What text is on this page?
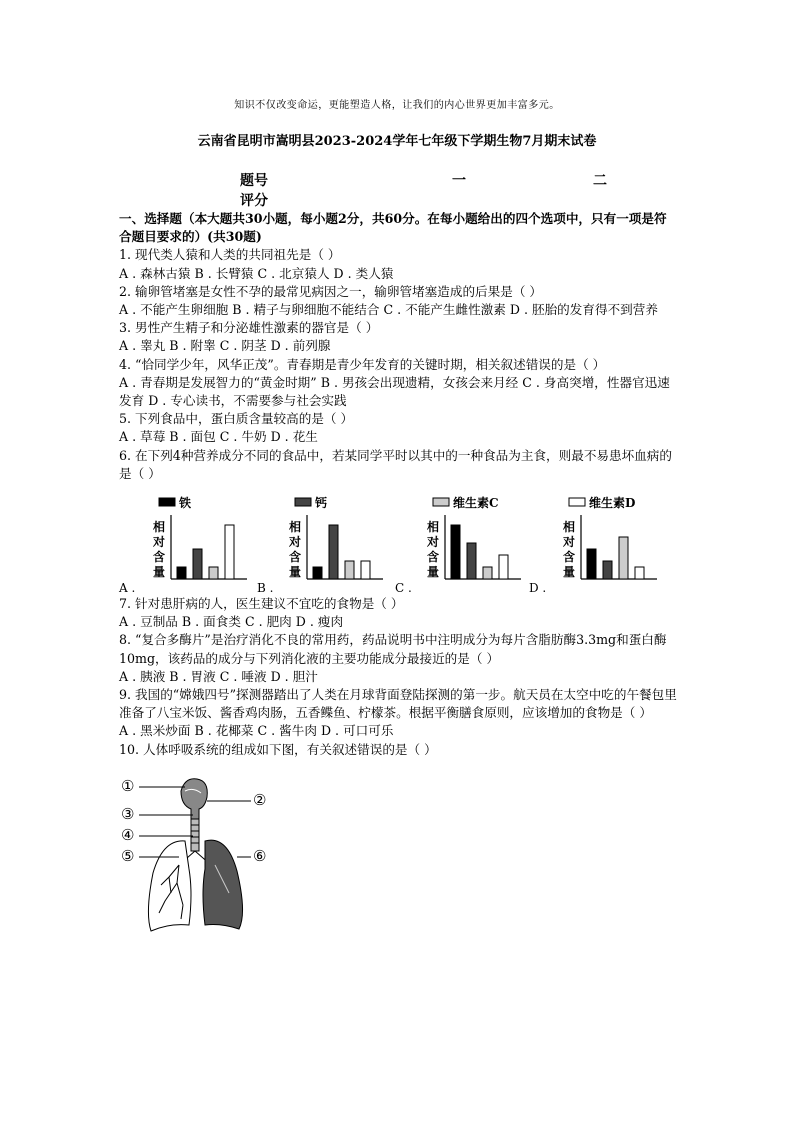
知识不仅改变命运，更能塑造人格，让我们的内心世界更加丰富多元。
云南省昆明市嵩明县2023-2024学年七年级下学期生物7月期末试卷
题号	一	二
评分

一、选择题（本大题共30小题，每小题2分，共60分。在每小题给出的四个选项中，只有一项是符合题目要求的）(共30题)

1. 现代类人猿和人类的共同祖先是（ ）

A . 森林古猿 B . 长臂猿 C . 北京猿人 D . 类人猿

2. 输卵管堵塞是女性不孕的最常见病因之一，输卵管堵塞造成的后果是（ ）

A . 不能产生卵细胞 B . 精子与卵细胞不能结合 C . 不能产生雌性激素 D . 胚胎的发育得不到营养

3. 男性产生精子和分泌雄性激素的器官是（ ）

A . 睾丸 B . 附睾 C . 阴茎 D . 前列腺

4. “恰同学少年，风华正茂”。青春期是青少年发育的关键时期，相关叙述错误的是（ ）

A . 青春期是发展智力的“黄金时期” B . 男孩会出现遗精，女孩会来月经 C . 身高突增，性器官迅速发育 D . 专心读书，不需要参与社会实践

5. 下列食品中，蛋白质含量较高的是（ ）

A . 草莓 B . 面包 C . 牛奶 D . 花生

6. 在下列4种营养成分不同的食品中，若某同学平时以其中的一种食品为主食，则最不易患坏血病的是（ ）

A .	B .	C .	D .
铁
相
对
含
量
钙
相
对
含
量
维生素C
相
对
含
量
维生素D
相
对
含
量

7. 针对患肝病的人，医生建议不宜吃的食物是（ ）

A . 豆制品 B . 面食类 C . 肥肉 D . 瘦肉

8. “复合多酶片”是治疗消化不良的常用药，药品说明书中注明成分为每片含脂肪酶3.3mg和蛋白酶10mg，该药品的成分与下列消化液的主要功能成分最接近的是（ ）

A . 胰液 B . 胃液 C . 唾液 D . 胆汁

9. 我国的“嫦娥四号”探测器踏出了人类在月球背面登陆探测的第一步。航天员在太空中吃的午餐包里准备了八宝米饭、酱香鸡肉肠，五香鲽鱼、柠檬茶。根据平衡膳食原则，应该增加的食物是（ ）

A . 黑米炒面 B . 花椰菜 C . 酱牛肉 D . 可口可乐

10. 人体呼吸系统的组成如下图，有关叙述错误的是（ ）

①
②
③
④
⑤	⑥
